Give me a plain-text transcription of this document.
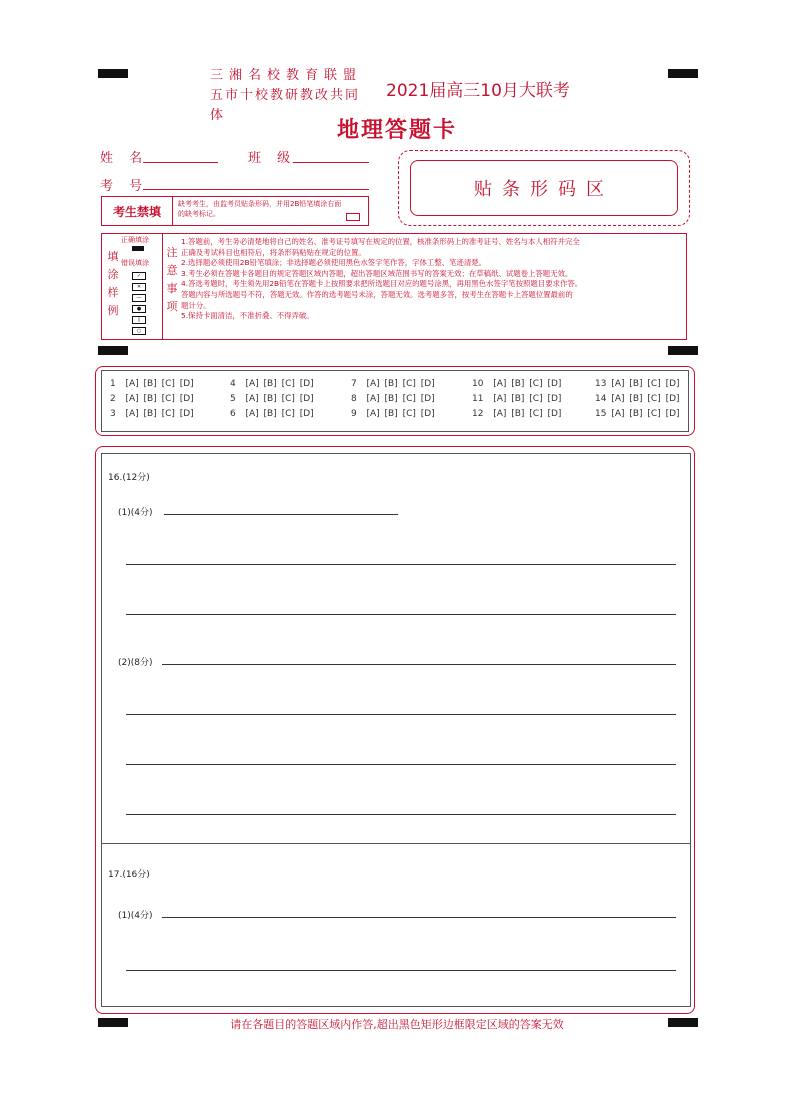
三湘名校教育联盟
五市十校教研教改共同体
2021届高三10月大联考
地理答题卡
姓 名	班 级
考 号	贴条形码区
考生禁填
缺考考生，由监考员贴条形码，并用2B铅笔填涂右面的缺考标记。
正确填涂
错误填涂
✓
✕
—
●
▯
○
填涂样例
注意事项
1.答题前，考生务必清楚地将自己的姓名、准考证号填写在规定的位置，核准条形码上的准考证号、姓名与本人相符并完全
正确及考试科目也相符后，将条形码粘贴在规定的位置。
2.选择题必须使用2B铅笔填涂；非选择题必须使用黑色水签字笔作答，字体工整、笔迹清楚。
3.考生必须在答题卡各题目的规定答题区域内答题，超出答题区域范围书写的答案无效；在草稿纸、试题卷上答题无效。
4.答选考题时，考生须先用2B铅笔在答题卡上按照要求把所选题目对应的题号涂黑，再用黑色水签字笔按照题目要求作答。
答题内容与所选题号不符，答题无效。作答的选考题号未涂，答题无效。选考题多答，按考生在答题卡上答题位置最前的
题计分。
5.保持卡面清洁，不准折叠、不得弄破。
1 [A] [B] [C] [D]
2 [A] [B] [C] [D]
3 [A] [B] [C] [D]
4 [A] [B] [C] [D]
5 [A] [B] [C] [D]
6 [A] [B] [C] [D]
7 [A] [B] [C] [D]
8 [A] [B] [C] [D]
9 [A] [B] [C] [D]
10 [A] [B] [C] [D]
11 [A] [B] [C] [D]
12 [A] [B] [C] [D]
13 [A] [B] [C] [D]
14 [A] [B] [C] [D]
15 [A] [B] [C] [D]
16.(12分)
(1)(4分)
(2)(8分)
17.(16分)
(1)(4分)
请在各题目的答题区域内作答,超出黑色矩形边框限定区域的答案无效
